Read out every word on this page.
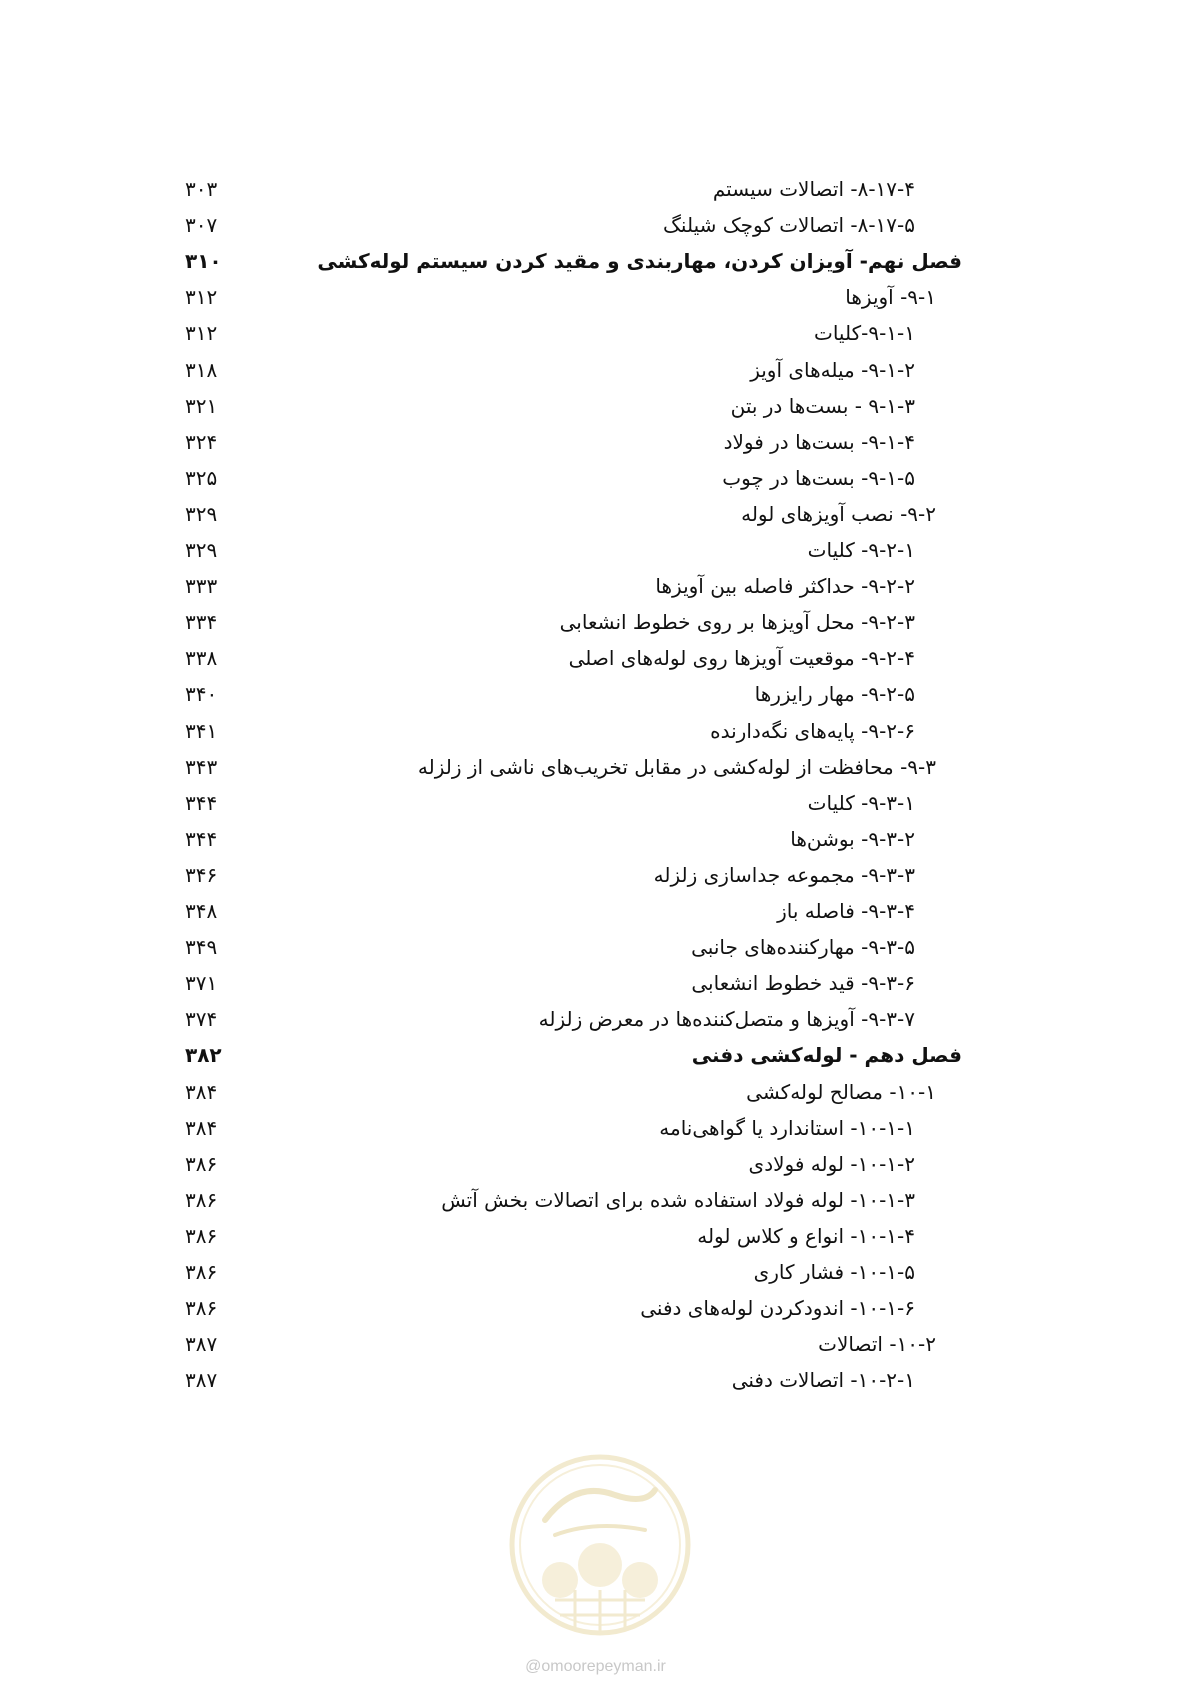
۸-۱۷-۴- اتصالات سیستم
۳۰۳
۸-۱۷-۵- اتصالات کوچک شیلنگ
۳۰۷
فصل نهم- آویزان کردن، مهاربندی و مقید کردن سیستم لوله‌کشی
۳۱۰
۹-۱- آویزها
۳۱۲
۹-۱-۱-کلیات
۳۱۲
۹-۱-۲- میله‌های آویز
۳۱۸
۹-۱-۳ - بست‌ها در بتن
۳۲۱
۹-۱-۴- بست‌ها در فولاد
۳۲۴
۹-۱-۵- بست‌ها در چوب
۳۲۵
۹-۲- نصب آویزهای لوله
۳۲۹
۹-۲-۱- کلیات
۳۲۹
۹-۲-۲- حداکثر فاصله بین آویزها
۳۳۳
۹-۲-۳- محل آویزها بر روی خطوط انشعابی
۳۳۴
۹-۲-۴- موقعیت آویزها روی لوله‌های اصلی
۳۳۸
۹-۲-۵- مهار رایزرها
۳۴۰
۹-۲-۶- پایه‌های نگه‌دارنده
۳۴۱
۹-۳- محافظت از لوله‌کشی در مقابل تخریب‌های ناشی از زلزله
۳۴۳
۹-۳-۱- کلیات
۳۴۴
۹-۳-۲- بوشن‌ها
۳۴۴
۹-۳-۳- مجموعه جداسازی زلزله
۳۴۶
۹-۳-۴- فاصله باز
۳۴۸
۹-۳-۵- مهارکننده‌های جانبی
۳۴۹
۹-۳-۶- قید خطوط انشعابی
۳۷۱
۹-۳-۷- آویزها و متصل‌کننده‌ها در معرض زلزله
۳۷۴
فصل دهم - لوله‌کشی دفنی
۳۸۲
۱۰-۱- مصالح لوله‌کشی
۳۸۴
۱۰-۱-۱- استاندارد یا گواهی‌نامه
۳۸۴
۱۰-۱-۲- لوله فولادی
۳۸۶
۱۰-۱-۳- لوله فولاد استفاده شده برای اتصالات بخش آتش
۳۸۶
۱۰-۱-۴- انواع و کلاس لوله
۳۸۶
۱۰-۱-۵- فشار کاری
۳۸۶
۱۰-۱-۶- اندودکردن لوله‌های دفنی
۳۸۶
۱۰-۲- اتصالات
۳۸۷
۱۰-۲-۱- اتصالات دفنی
۳۸۷
@omoorepeyman.ir
